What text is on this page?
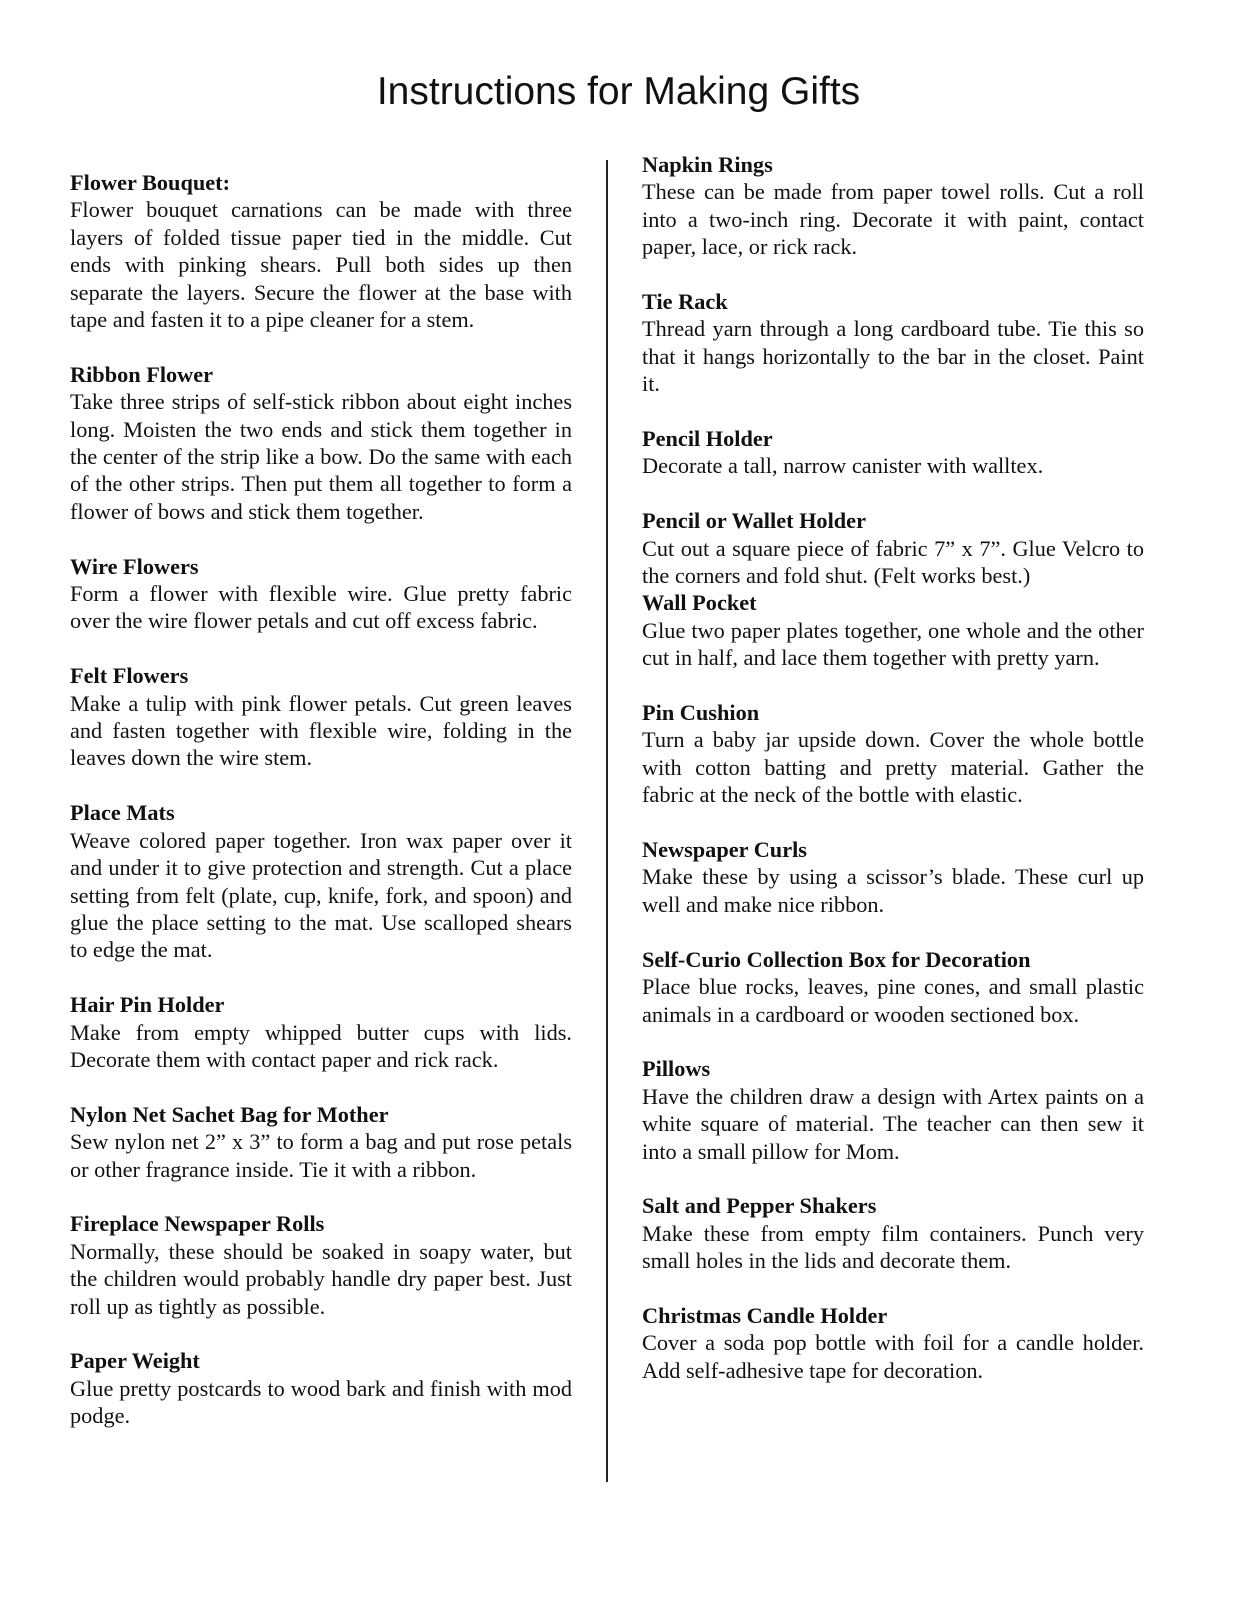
Instructions for Making Gifts
Flower Bouquet:

Flower bouquet carnations can be made with three layers of folded tissue paper tied in the middle. Cut ends with pinking shears. Pull both sides up then separate the layers. Secure the flower at the base with tape and fasten it to a pipe cleaner for a stem.

Ribbon Flower

Take three strips of self-stick ribbon about eight inches long. Moisten the two ends and stick them together in the center of the strip like a bow. Do the same with each of the other strips. Then put them all together to form a flower of bows and stick them together.

Wire Flowers

Form a flower with flexible wire. Glue pretty fabric over the wire flower petals and cut off excess fabric.

Felt Flowers

Make a tulip with pink flower petals. Cut green leaves and fasten together with flexible wire, folding in the leaves down the wire stem.

Place Mats

Weave colored paper together. Iron wax paper over it and under it to give protection and strength. Cut a place setting from felt (plate, cup, knife, fork, and spoon) and glue the place setting to the mat. Use scalloped shears to edge the mat.

Hair Pin Holder

Make from empty whipped butter cups with lids. Decorate them with contact paper and rick rack.

Nylon Net Sachet Bag for Mother

Sew nylon net 2” x 3” to form a bag and put rose petals or other fragrance inside. Tie it with a ribbon.

Fireplace Newspaper Rolls

Normally, these should be soaked in soapy water, but the children would probably handle dry paper best. Just roll up as tightly as possible.

Paper Weight

Glue pretty postcards to wood bark and finish with mod podge.

Napkin Rings

These can be made from paper towel rolls. Cut a roll into a two-inch ring. Decorate it with paint, contact paper, lace, or rick rack.

Tie Rack

Thread yarn through a long cardboard tube. Tie this so that it hangs horizontally to the bar in the closet. Paint it.

Pencil Holder

Decorate a tall, narrow canister with walltex.

Pencil or Wallet Holder

Cut out a square piece of fabric 7” x 7”. Glue Velcro to the corners and fold shut. (Felt works best.)

Wall Pocket

Glue two paper plates together, one whole and the other cut in half, and lace them together with pretty yarn.

Pin Cushion

Turn a baby jar upside down. Cover the whole bottle with cotton batting and pretty material. Gather the fabric at the neck of the bottle with elastic.

Newspaper Curls

Make these by using a scissor’s blade. These curl up well and make nice ribbon.

Self-Curio Collection Box for Decoration

Place blue rocks, leaves, pine cones, and small plastic animals in a cardboard or wooden sectioned box.

Pillows

Have the children draw a design with Artex paints on a white square of material. The teacher can then sew it into a small pillow for Mom.

Salt and Pepper Shakers

Make these from empty film containers. Punch very small holes in the lids and decorate them.

Christmas Candle Holder

Cover a soda pop bottle with foil for a candle holder. Add self-adhesive tape for decoration.
